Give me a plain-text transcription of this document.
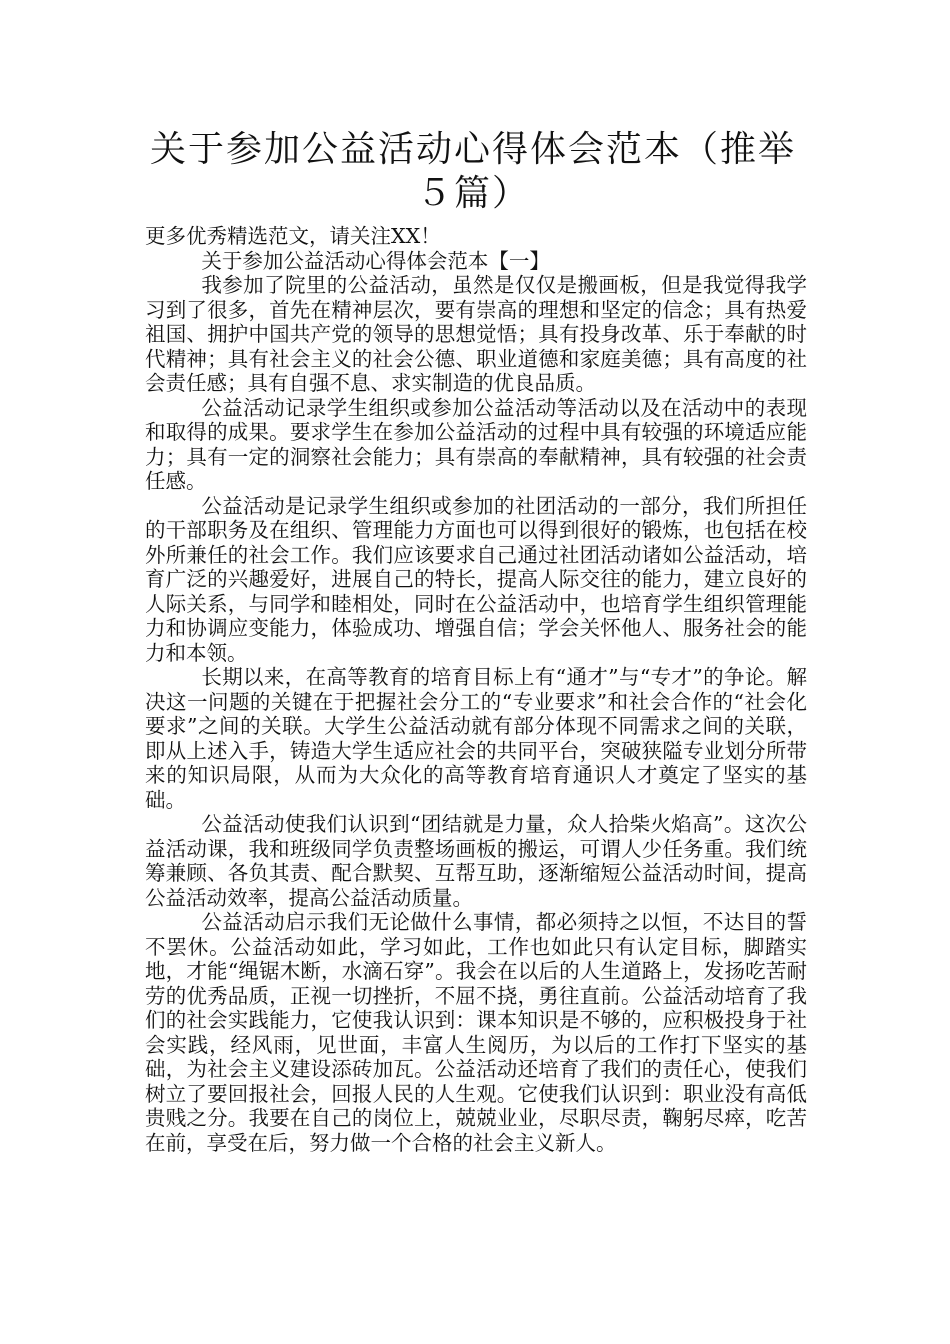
关于参加公益活动心得体会范本（推举５篇）

更多优秀精选范文，请关注XX！

关于参加公益活动心得体会范本【一】

我参加了院里的公益活动，虽然是仅仅是搬画板，但是我觉得我学习到了很多，首先在精神层次，要有崇高的理想和坚定的信念；具有热爱祖国、拥护中国共产党的领导的思想觉悟；具有投身改革、乐于奉献的时代精神；具有社会主义的社会公德、职业道德和家庭美德；具有高度的社会责任感；具有自强不息、求实制造的优良品质。

公益活动记录学生组织或参加公益活动等活动以及在活动中的表现和取得的成果。要求学生在参加公益活动的过程中具有较强的环境适应能力；具有一定的洞察社会能力；具有崇高的奉献精神，具有较强的社会责任感。

公益活动是记录学生组织或参加的社团活动的一部分，我们所担任的干部职务及在组织、管理能力方面也可以得到很好的锻炼，也包括在校外所兼任的社会工作。我们应该要求自己通过社团活动诸如公益活动，培育广泛的兴趣爱好，进展自己的特长，提高人际交往的能力，建立良好的人际关系，与同学和睦相处，同时在公益活动中，也培育学生组织管理能力和协调应变能力，体验成功、增强自信；学会关怀他人、服务社会的能力和本领。

长期以来，在高等教育的培育目标上有“通才”与“专才”的争论。解决这一问题的关键在于把握社会分工的“专业要求”和社会合作的“社会化要求”之间的关联。大学生公益活动就有部分体现不同需求之间的关联，即从上述入手，铸造大学生适应社会的共同平台，突破狭隘专业划分所带来的知识局限，从而为大众化的高等教育培育通识人才奠定了坚实的基础。

公益活动使我们认识到“团结就是力量，众人拾柴火焰高”。这次公益活动课，我和班级同学负责整场画板的搬运，可谓人少任务重。我们统筹兼顾、各负其责、配合默契、互帮互助，逐渐缩短公益活动时间，提高公益活动效率，提高公益活动质量。

公益活动启示我们无论做什么事情，都必须持之以恒，不达目的誓不罢休。公益活动如此，学习如此，工作也如此只有认定目标，脚踏实地，才能“绳锯木断，水滴石穿”。我会在以后的人生道路上，发扬吃苦耐劳的优秀品质，正视一切挫折，不屈不挠，勇往直前。公益活动培育了我们的社会实践能力，它使我认识到：课本知识是不够的，应积极投身于社会实践，经风雨，见世面，丰富人生阅历，为以后的工作打下坚实的基础，为社会主义建设添砖加瓦。公益活动还培育了我们的责任心，使我们树立了要回报社会，回报人民的人生观。它使我们认识到：职业没有高低贵贱之分。我要在自己的岗位上，兢兢业业，尽职尽责，鞠躬尽瘁，吃苦在前，享受在后，努力做一个合格的社会主义新人。
